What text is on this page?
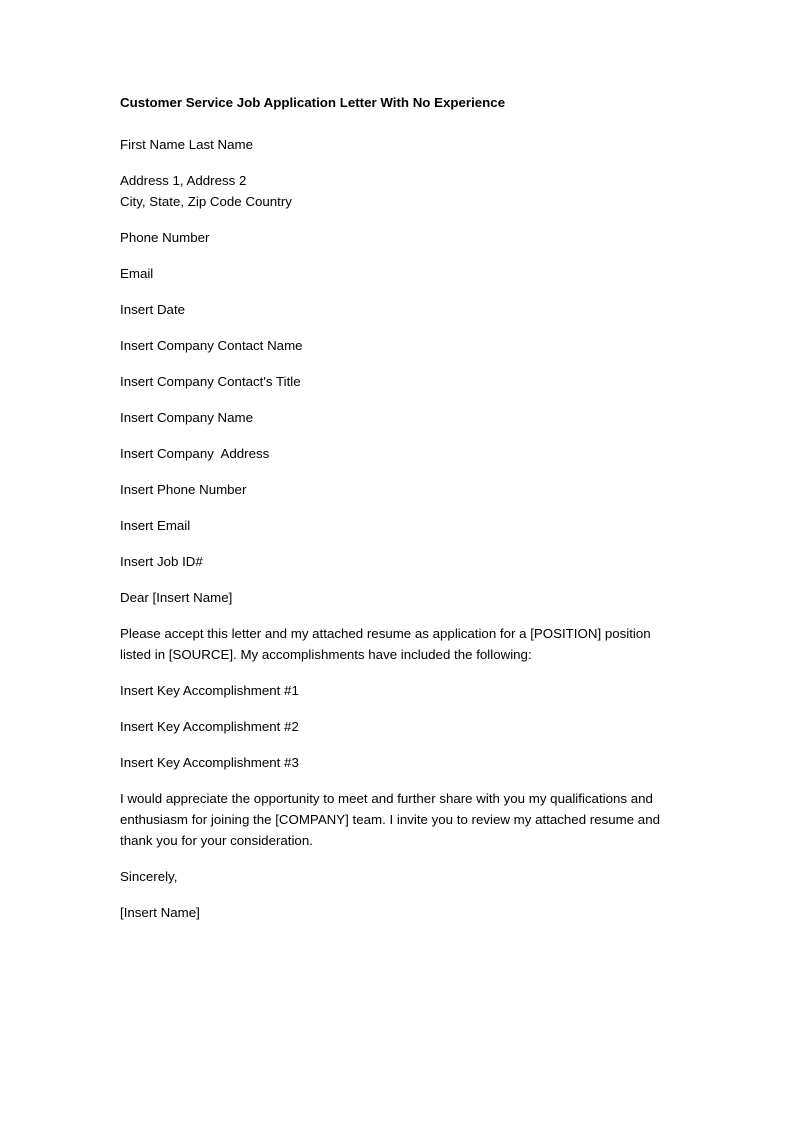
Customer Service Job Application Letter With No Experience
First Name Last Name
Address 1, Address 2
City, State, Zip Code Country
Phone Number
Email
Insert Date
Insert Company Contact Name
Insert Company Contact's Title
Insert Company Name
Insert Company  Address
Insert Phone Number
Insert Email
Insert Job ID#
Dear [Insert Name]
Please accept this letter and my attached resume as application for a [POSITION] position
listed in [SOURCE]. My accomplishments have included the following:
Insert Key Accomplishment #1
Insert Key Accomplishment #2
Insert Key Accomplishment #3
I would appreciate the opportunity to meet and further share with you my qualifications and
enthusiasm for joining the [COMPANY] team. I invite you to review my attached resume and
thank you for your consideration.
Sincerely,
[Insert Name]
